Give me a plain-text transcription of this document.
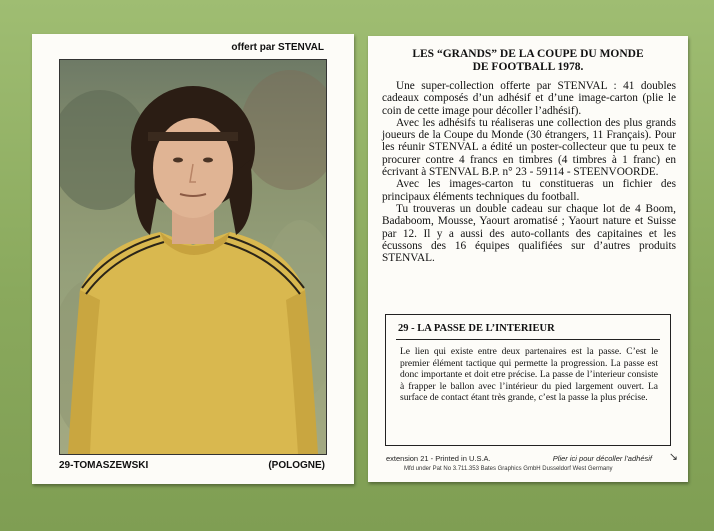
offert par STENVAL
29-TOMASZEWSKI	(POLOGNE)
LES “GRANDS” DE LA COUPE DU MONDE
DE FOOTBALL 1978.

Une super-collection offerte par STENVAL : 41 doubles cadeaux composés d’un adhésif et d’une image-carton (plie le coin de cette image pour décoller l’adhésif).

Avec les adhésifs tu réaliseras une collection des plus grands joueurs de la Coupe du Monde (30 étrangers, 11 Français). Pour les réunir STENVAL a édité un poster-collecteur que tu peux te procurer contre 4 francs en timbres (4 timbres à 1 franc) en écrivant à STENVAL B.P. n° 23 - 59114 - STEENVOORDE.

Avec les images-carton tu constitueras un fichier des principaux éléments techniques du football.

Tu trouveras un double cadeau sur chaque lot de 4 Boom, Badaboom, Mousse, Yaourt aromatisé ; Yaourt nature et Suisse par 12. Il y a aussi des auto-collants des capitaines et les écussons des 16 équipes qualifiées sur d’autres produits STENVAL.

29 - LA PASSE DE L’INTERIEUR
Le lien qui existe entre deux partenaires est la passe. C’est le premier élément tactique qui permette la progression. La passe est donc importante et doit etre précise. La passe de l’interieur consiste à frapper le ballon avec l’intérieur du pied largement ouvert. La surface de contact étant très grande, c’est la passe la plus précise.
extension 21 - Printed in U.S.A.	Plier ici pour décoller l’adhésif ↘
Mfd under Pat No 3.711.353 Bates Graphics GmbH Dusseldorf West Germany
